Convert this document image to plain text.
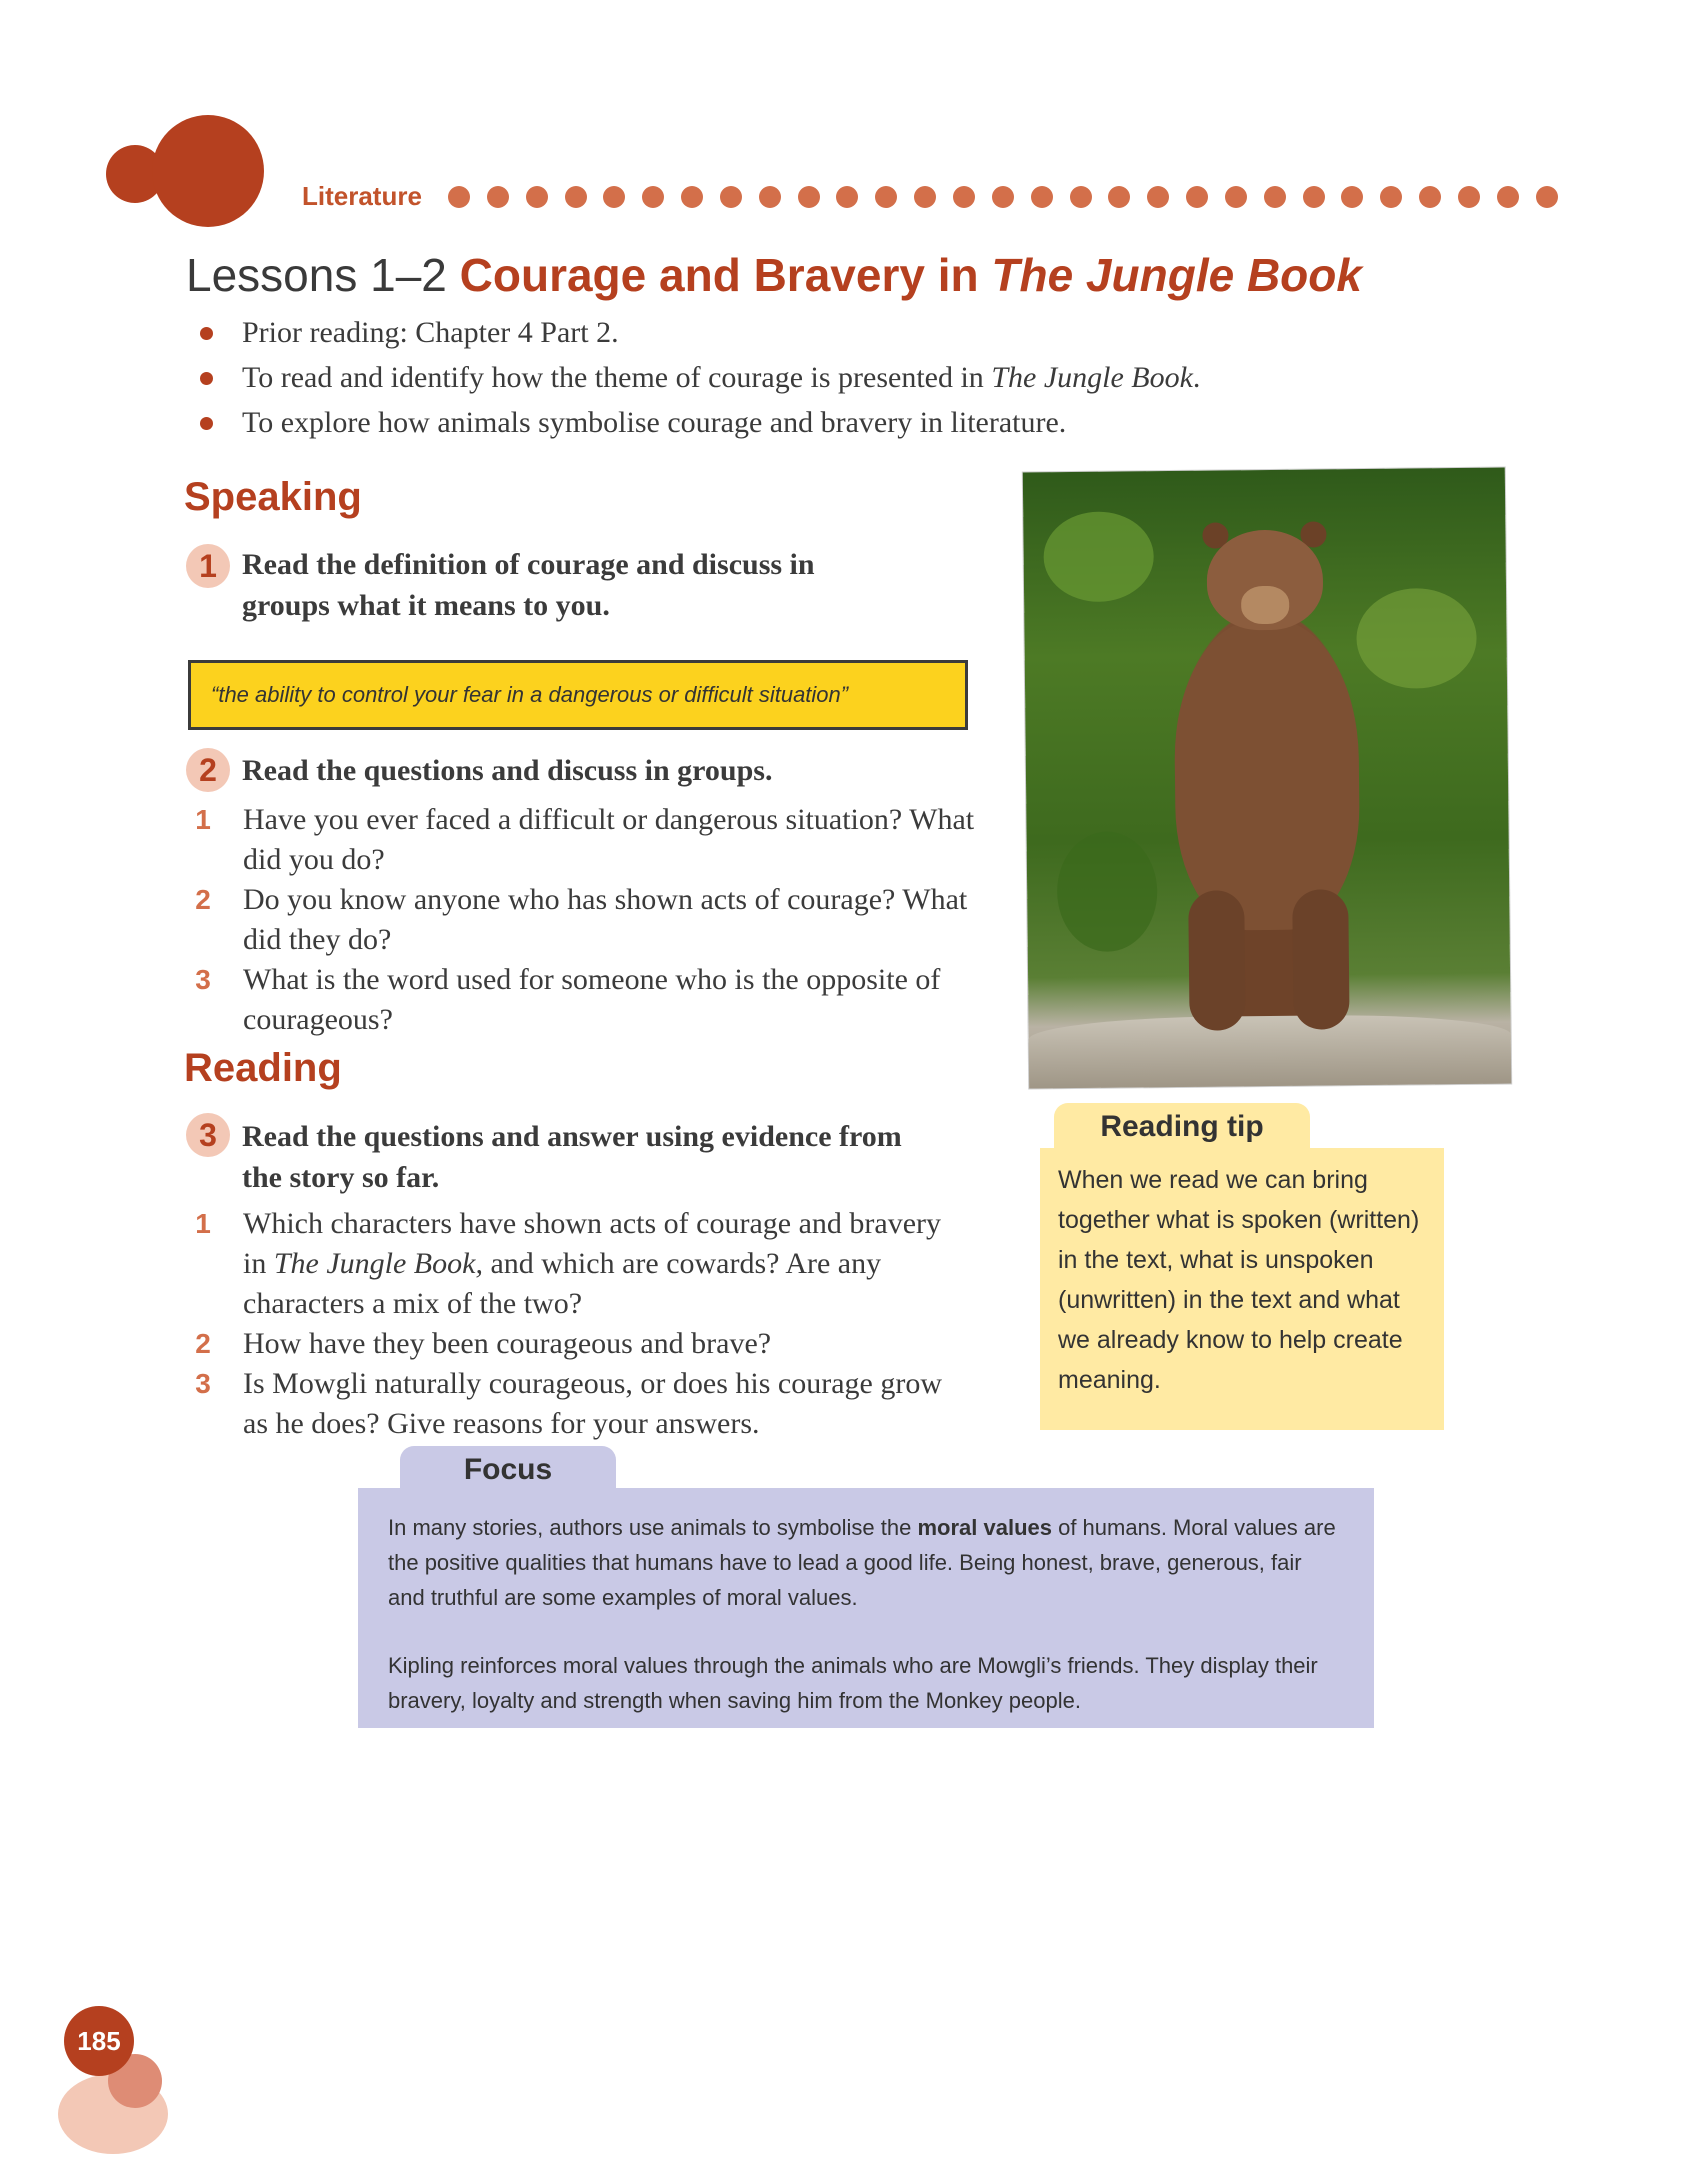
Literature
Lessons 1–2 Courage and Bravery in The Jungle Book
Prior reading: Chapter 4 Part 2.
To read and identify how the theme of courage is presented in The Jungle Book.
To explore how animals symbolise courage and bravery in literature.
Speaking
1 Read the definition of courage and discuss in groups what it means to you.
“the ability to control your fear in a dangerous or difficult situation”
2 Read the questions and discuss in groups.
1 Have you ever faced a difficult or dangerous situation? What did you do?
2 Do you know anyone who has shown acts of courage? What did they do?
3 What is the word used for someone who is the opposite of courageous?
Reading
3 Read the questions and answer using evidence from the story so far.
1 Which characters have shown acts of courage and bravery in The Jungle Book, and which are cowards? Are any characters a mix of the two?
2 How have they been courageous and brave?
3 Is Mowgli naturally courageous, or does his courage grow as he does? Give reasons for your answers.
Reading tip
When we read we can bring together what is spoken (written) in the text, what is unspoken (unwritten) in the text and what we already know to help create meaning.
Focus

In many stories, authors use animals to symbolise the moral values of humans. Moral values are the positive qualities that humans have to lead a good life. Being honest, brave, generous, fair and truthful are some examples of moral values.

Kipling reinforces moral values through the animals who are Mowgli’s friends. They display their bravery, loyalty and strength when saving him from the Monkey people.

185
